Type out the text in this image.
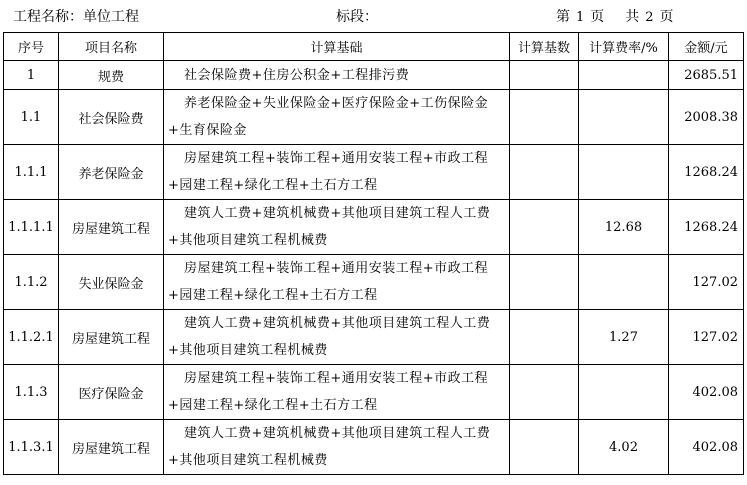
工程名称：单位工程	标段：	第 1 页 共 2 页
序号	项目名称	计算基础	计算基数	计算费率/%	金额/元
1	规费	社会保险费+住房公积金+工程排污费			2685.51
1.1	社会保险费	养老保险金+失业保险金+医疗保险金+工伤保险金+生育保险金			2008.38
1.1.1	养老保险金	房屋建筑工程+装饰工程+通用安装工程+市政工程+园建工程+绿化工程+土石方工程			1268.24
1.1.1.1	房屋建筑工程	建筑人工费+建筑机械费+其他项目建筑工程人工费+其他项目建筑工程机械费		12.68	1268.24
1.1.2	失业保险金	房屋建筑工程+装饰工程+通用安装工程+市政工程+园建工程+绿化工程+土石方工程			127.02
1.1.2.1	房屋建筑工程	建筑人工费+建筑机械费+其他项目建筑工程人工费+其他项目建筑工程机械费		1.27	127.02
1.1.3	医疗保险金	房屋建筑工程+装饰工程+通用安装工程+市政工程+园建工程+绿化工程+土石方工程			402.08
1.1.3.1	房屋建筑工程	建筑人工费+建筑机械费+其他项目建筑工程人工费+其他项目建筑工程机械费		4.02	402.08
